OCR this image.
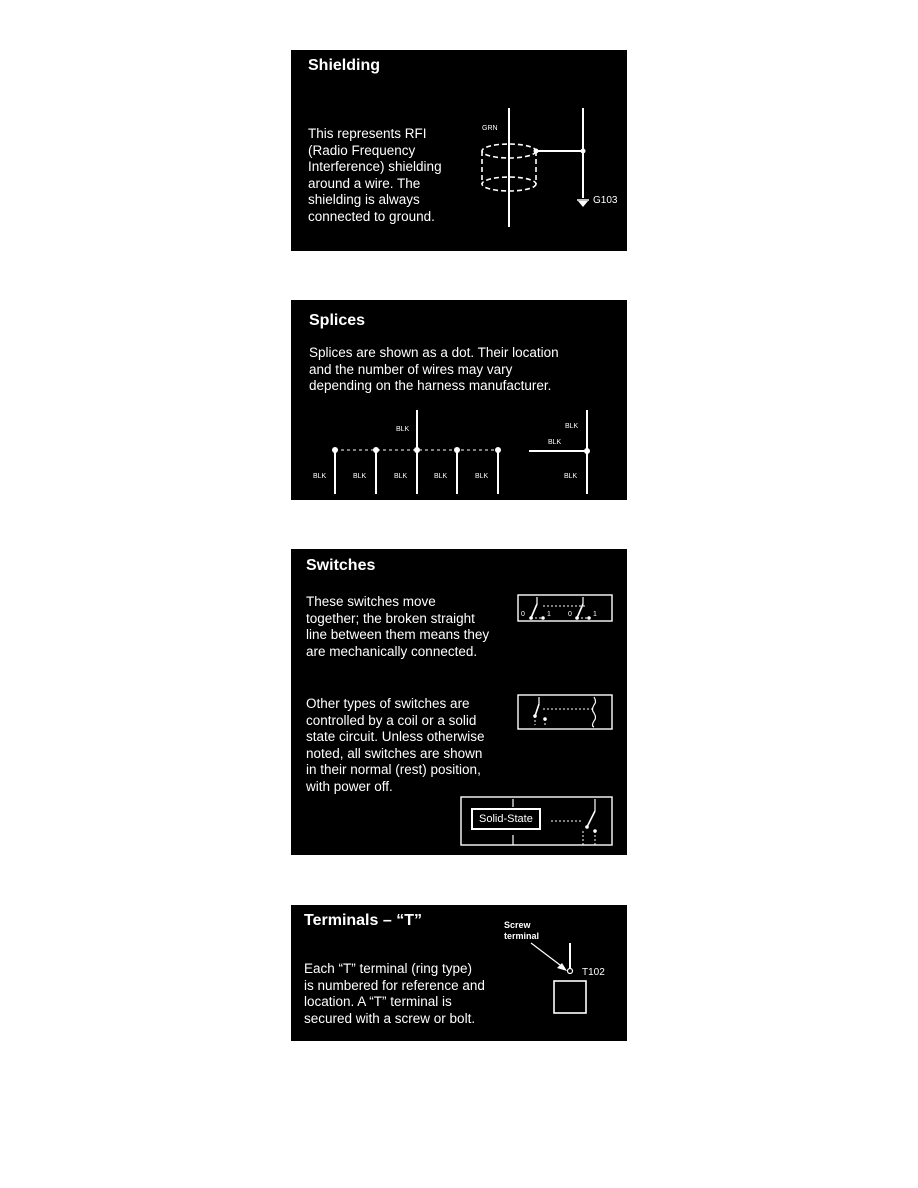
Shielding
This represents RFI
(Radio Frequency
Interference) shielding
around a wire. The
shielding is always
connected to ground.
GRN
G103
Splices
Splices are shown as a dot. Their location
and the number of wires may vary
depending on the harness manufacturer.
BLK
BLK	BLK	BLK	BLK	BLK
BLK
BLK
BLK
Switches
These switches move
together; the broken straight
line between them means they
are mechanically connected.
Other types of switches are
controlled by a coil or a solid
state circuit. Unless otherwise
noted, all switches are shown
in their normal (rest) position,
with power off.
0	1 0	1
Solid-State
Terminals – “T”
Each “T” terminal (ring type)
is numbered for reference and
location. A “T” terminal is
secured with a screw or bolt.
Screw
terminal
T102
